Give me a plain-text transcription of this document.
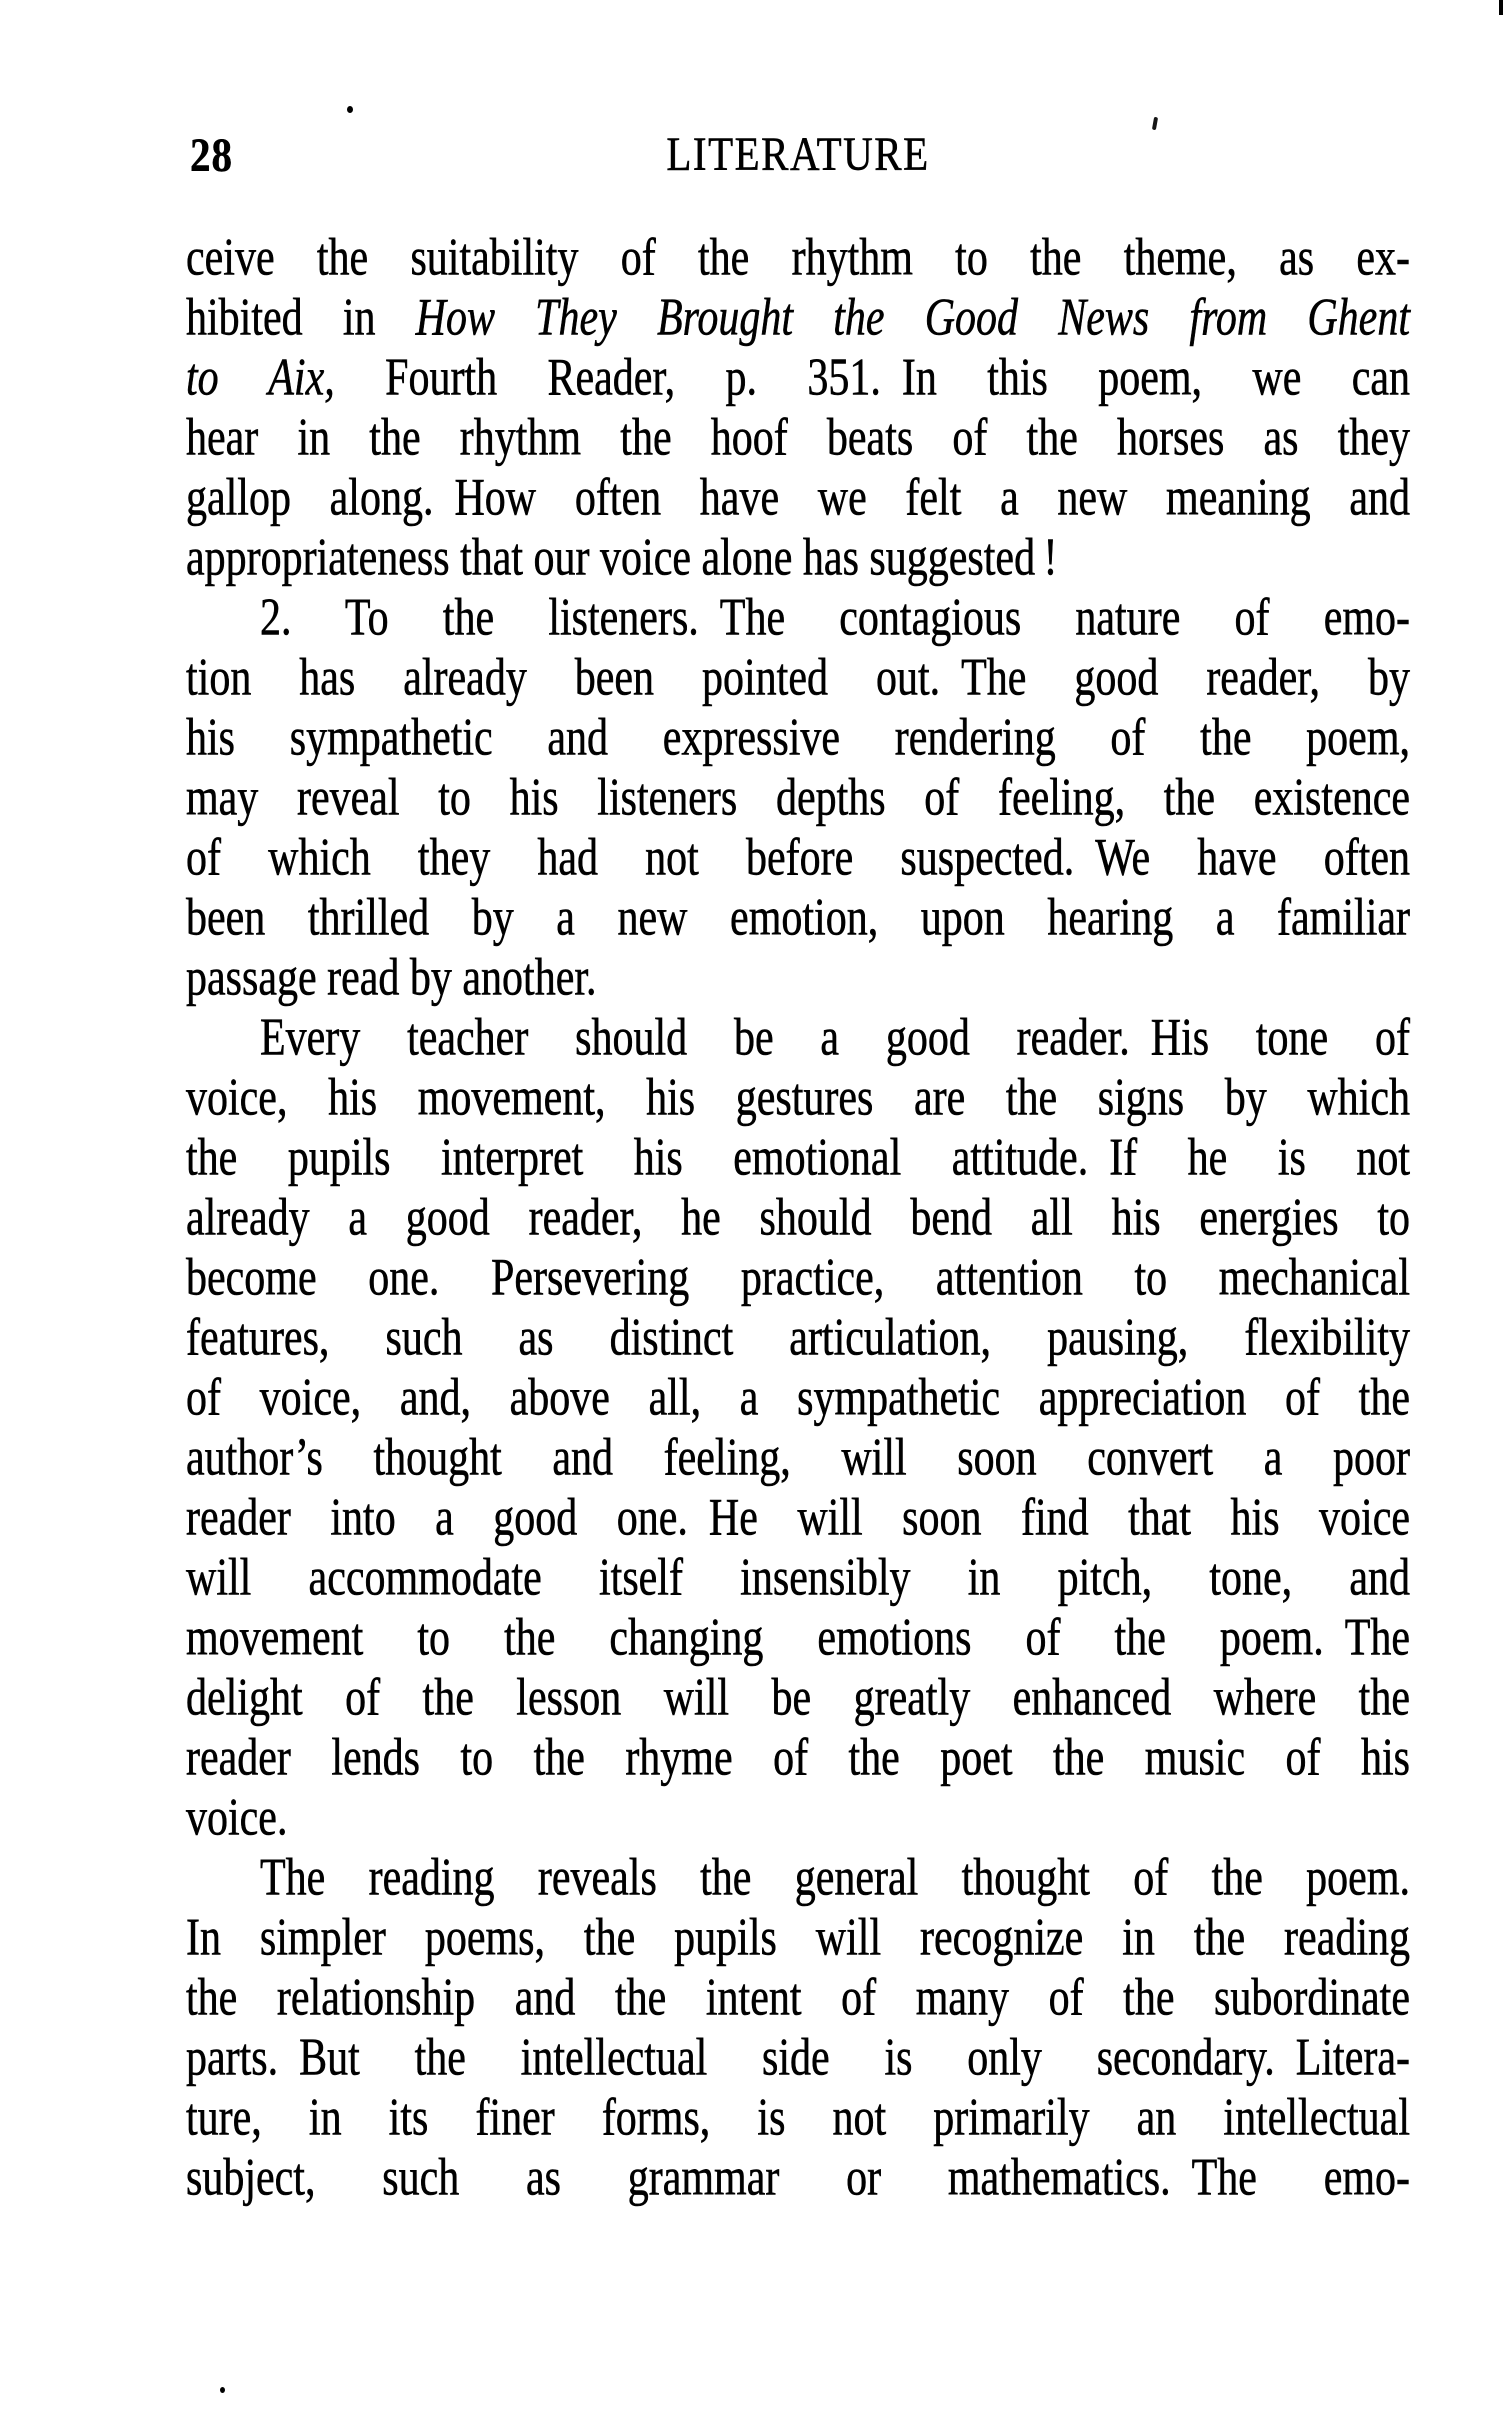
28	LITERATURE
ceive the suitability of the rhythm to the theme, as ex-
hibited in How They Brought the Good News from Ghent
to Aix, Fourth Reader, p. 351. In this poem, we can
hear in the rhythm the hoof beats of the horses as they
gallop along. How often have we felt a new meaning and
appropriateness that our voice alone has suggested !
2. To the listeners. The contagious nature of emo-
tion has already been pointed out. The good reader, by
his sympathetic and expressive rendering of the poem,
may reveal to his listeners depths of feeling, the existence
of which they had not before suspected. We have often
been thrilled by a new emotion, upon hearing a familiar
passage read by another.
Every teacher should be a good reader. His tone of
voice, his movement, his gestures are the signs by which
the pupils interpret his emotional attitude. If he is not
already a good reader, he should bend all his energies to
become one. Persevering practice, attention to mechanical
features, such as distinct articulation, pausing, flexibility
of voice, and, above all, a sympathetic appreciation of the
author’s thought and feeling, will soon convert a poor
reader into a good one. He will soon find that his voice
will accommodate itself insensibly in pitch, tone, and
movement to the changing emotions of the poem. The
delight of the lesson will be greatly enhanced where the
reader lends to the rhyme of the poet the music of his
voice.
The reading reveals the general thought of the poem.
In simpler poems, the pupils will recognize in the reading
the relationship and the intent of many of the subordinate
parts. But the intellectual side is only secondary. Litera-
ture, in its finer forms, is not primarily an intellectual
subject, such as grammar or mathematics. The emo-
